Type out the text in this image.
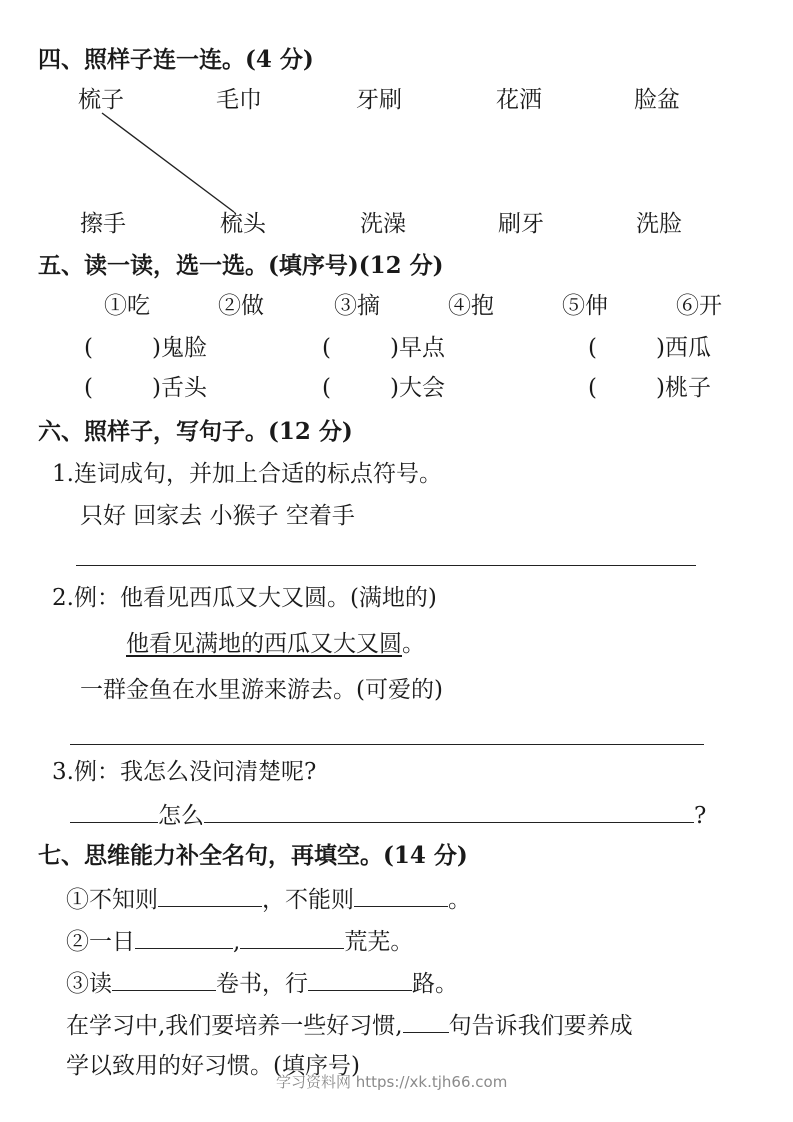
四、照样子连一连。(4 分)
梳子	毛巾	牙刷	花洒	脸盆
擦手	梳头	洗澡	刷牙	洗脸
五、读一读，选一选。(填序号)(12 分)
①吃	②做	③摘	④抱	⑤伸	⑥开
(	)鬼脸	(	)早点	(	)西瓜
(	)舌头	(	)大会	(	)桃子
六、照样子，写句子。(12 分)
1.连词成句，并加上合适的标点符号。
只好 回家去 小猴子 空着手
2.例：他看见西瓜又大又圆。(满地的)
他看见满地的西瓜又大又圆。
一群金鱼在水里游来游去。(可爱的)
3.例：我怎么没问清楚呢?
怎么	?
七、思维能力补全名句，再填空。(14 分)
①不知则	，不能则	。
②一日	,	荒芜。
③读	卷书，行	路。
在学习中,我们要培养一些好习惯, 句告诉我们要养成
学以致用的好习惯。(填序号)
学习资料网 https://xk.tjh66.com
